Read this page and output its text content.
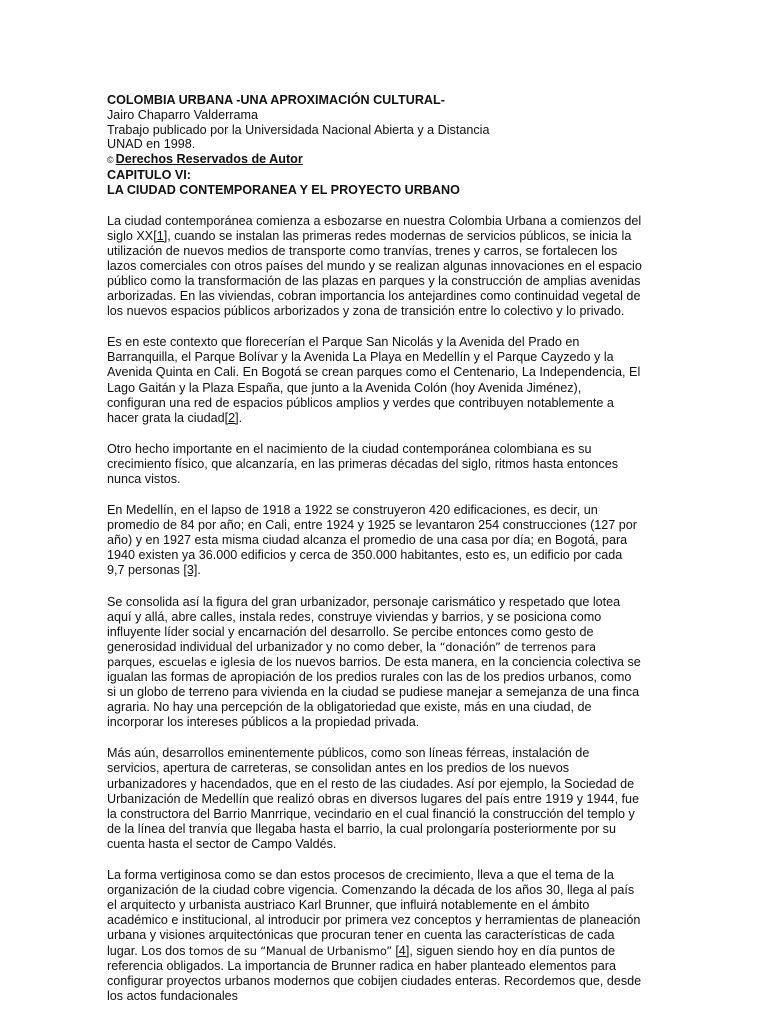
COLOMBIA URBANA -UNA APROXIMACIÓN CULTURAL-
Jairo Chaparro Valderrama
Trabajo publicado por la Universidada Nacional Abierta y a Distancia
UNAD en 1998.
© Derechos Reservados de Autor
CAPITULO VI:
LA CIUDAD CONTEMPORANEA Y EL PROYECTO URBANO

La ciudad contemporánea comienza a esbozarse en nuestra Colombia Urbana a comienzos del siglo XX[1], cuando se instalan las primeras redes modernas de servicios públicos, se inicia la utilización de nuevos medios de transporte como tranvías, trenes y carros, se fortalecen los lazos comerciales con otros países del mundo y se realizan algunas innovaciones en el espacio público como la transformación de las plazas en parques y la construcción de amplias avenidas arborizadas. En las viviendas, cobran importancia los antejardines como continuidad vegetal de los nuevos espacios públicos arborizados y zona de transición entre lo colectivo y lo privado.

Es en este contexto que florecerían el Parque San Nicolás y la Avenida del Prado en Barranquilla, el Parque Bolívar y la Avenida La Playa en Medellín y el Parque Cayzedo y la Avenida Quinta en Cali. En Bogotá se crean parques como el Centenario, La Independencia, El Lago Gaitán y la Plaza España, que junto a la Avenida Colón (hoy Avenida Jiménez), configuran una red de espacios públicos amplios y verdes que contribuyen notablemente a hacer grata la ciudad[2].

Otro hecho importante en el nacimiento de la ciudad contemporánea colombiana es su crecimiento físico, que alcanzaría, en las primeras décadas del siglo, ritmos hasta entonces nunca vistos.

En Medellín, en el lapso de 1918 a 1922 se construyeron 420 edificaciones, es decir, un promedio de 84 por año; en Cali, entre 1924 y 1925 se levantaron 254 construcciones (127 por año) y en 1927 esta misma ciudad alcanza el promedio de una casa por día; en Bogotá, para 1940 existen ya 36.000 edificios y cerca de 350.000 habitantes, esto es, un edificio por cada 9,7 personas [3].

Se consolida así la figura del gran urbanizador, personaje carismático y respetado que lotea aquí y allá, abre calles, instala redes, construye viviendas y barrios, y se posiciona como influyente líder social y encarnación del desarrollo. Se percibe entonces como gesto de generosidad individual del urbanizador y no como deber, la “donación” de terrenos para parques, escuelas e iglesia de los nuevos barrios. De esta manera, en la conciencia colectiva se igualan las formas de apropiación de los predios rurales con las de los predios urbanos, como si un globo de terreno para vivienda en la ciudad se pudiese manejar a semejanza de una finca agraria. No hay una percepción de la obligatoriedad que existe, más en una ciudad, de incorporar los intereses públicos a la propiedad privada.

Más aún, desarrollos eminentemente públicos, como son líneas férreas, instalación de servicios, apertura de carreteras, se consolidan antes en los predios de los nuevos urbanizadores y hacendados, que en el resto de las ciudades. Así por ejemplo, la Sociedad de Urbanización de Medellín que realizó obras en diversos lugares del país entre 1919 y 1944, fue la constructora del Barrio Manrrique, vecindario en el cual financió la construcción del templo y de la línea del tranvía que llegaba hasta el barrio, la cual prolongaría posteriormente por su cuenta hasta el sector de Campo Valdés.

La forma vertiginosa como se dan estos procesos de crecimiento, lleva a que el tema de la organización de la ciudad cobre vigencia. Comenzando la década de los años 30, llega al país el arquitecto y urbanista austriaco Karl Brunner, que influirá notablemente en el ámbito académico e institucional, al introducir por primera vez conceptos y herramientas de planeación urbana y visiones arquitectónicas que procuran tener en cuenta las características de cada lugar. Los dos tomos de su “Manual de Urbanismo” [4], siguen siendo hoy en día puntos de referencia obligados. La importancia de Brunner radica en haber planteado elementos para configurar proyectos urbanos modernos que cobijen ciudades enteras. Recordemos que, desde los actos fundacionales
